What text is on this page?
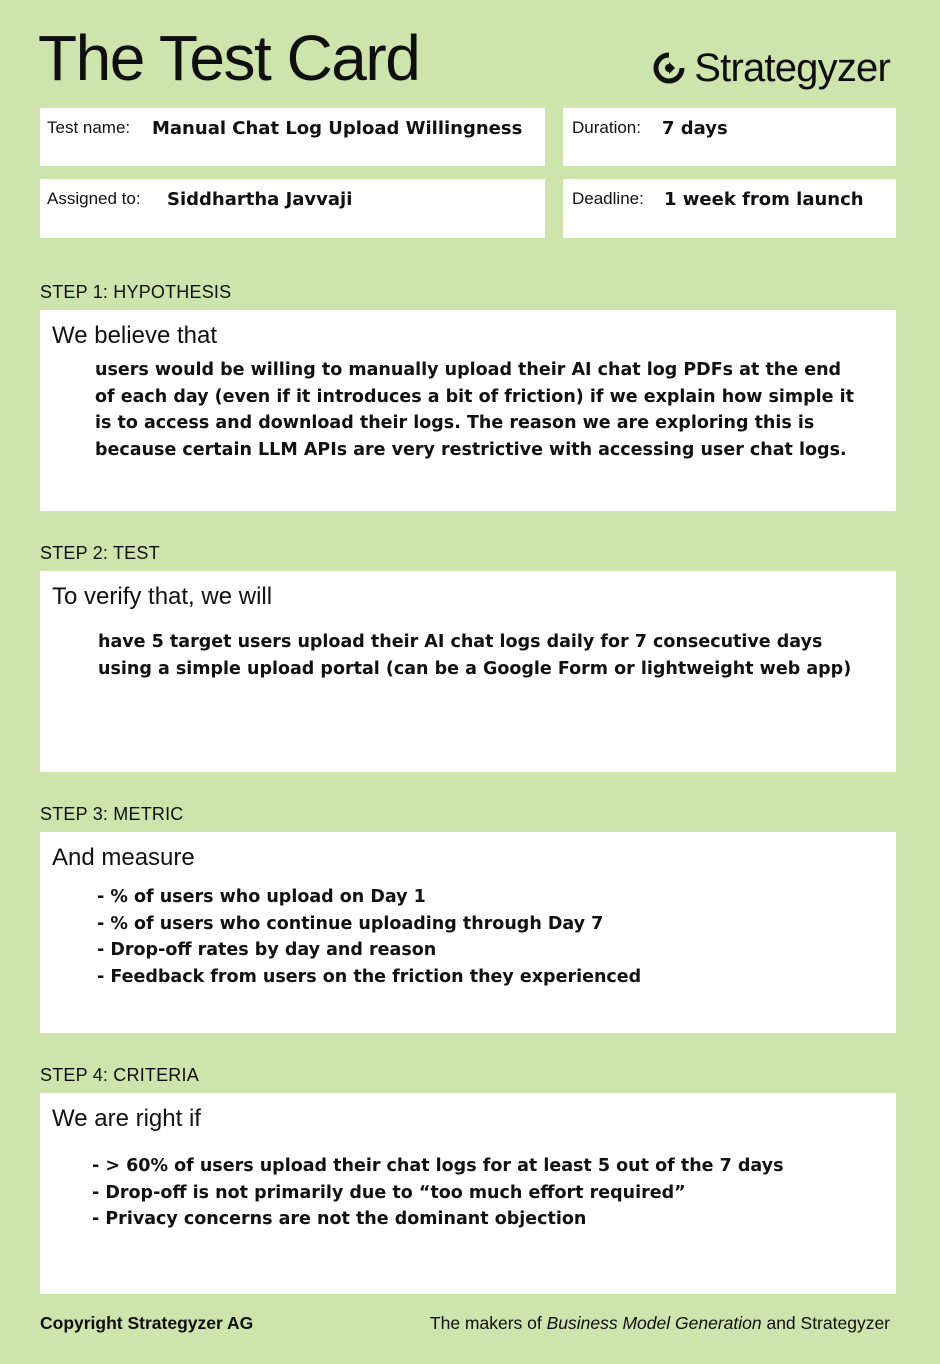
The Test Card	Strategyzer
Test name: Manual Chat Log Upload Willingness	Duration: 7 days
Assigned to: Siddhartha Javvaji	Deadline: 1 week from launch
STEP 1: HYPOTHESIS
We believe that
users would be willing to manually upload their AI chat log PDFs at the end of each day (even if it introduces a bit of friction) if we explain how simple it is to access and download their logs. The reason we are exploring this is because certain LLM APIs are very restrictive with accessing user chat logs.
STEP 2: TEST
To verify that, we will
have 5 target users upload their AI chat logs daily for 7 consecutive days using a simple upload portal (can be a Google Form or lightweight web app)
STEP 3: METRIC
And measure
- % of users who upload on Day 1
- % of users who continue uploading through Day 7
- Drop-off rates by day and reason
- Feedback from users on the friction they experienced
STEP 4: CRITERIA
We are right if
- > 60% of users upload their chat logs for at least 5 out of the 7 days
- Drop-off is not primarily due to “too much effort required”
- Privacy concerns are not the dominant objection
Copyright Strategyzer AG	The makers of Business Model Generation and Strategyzer
